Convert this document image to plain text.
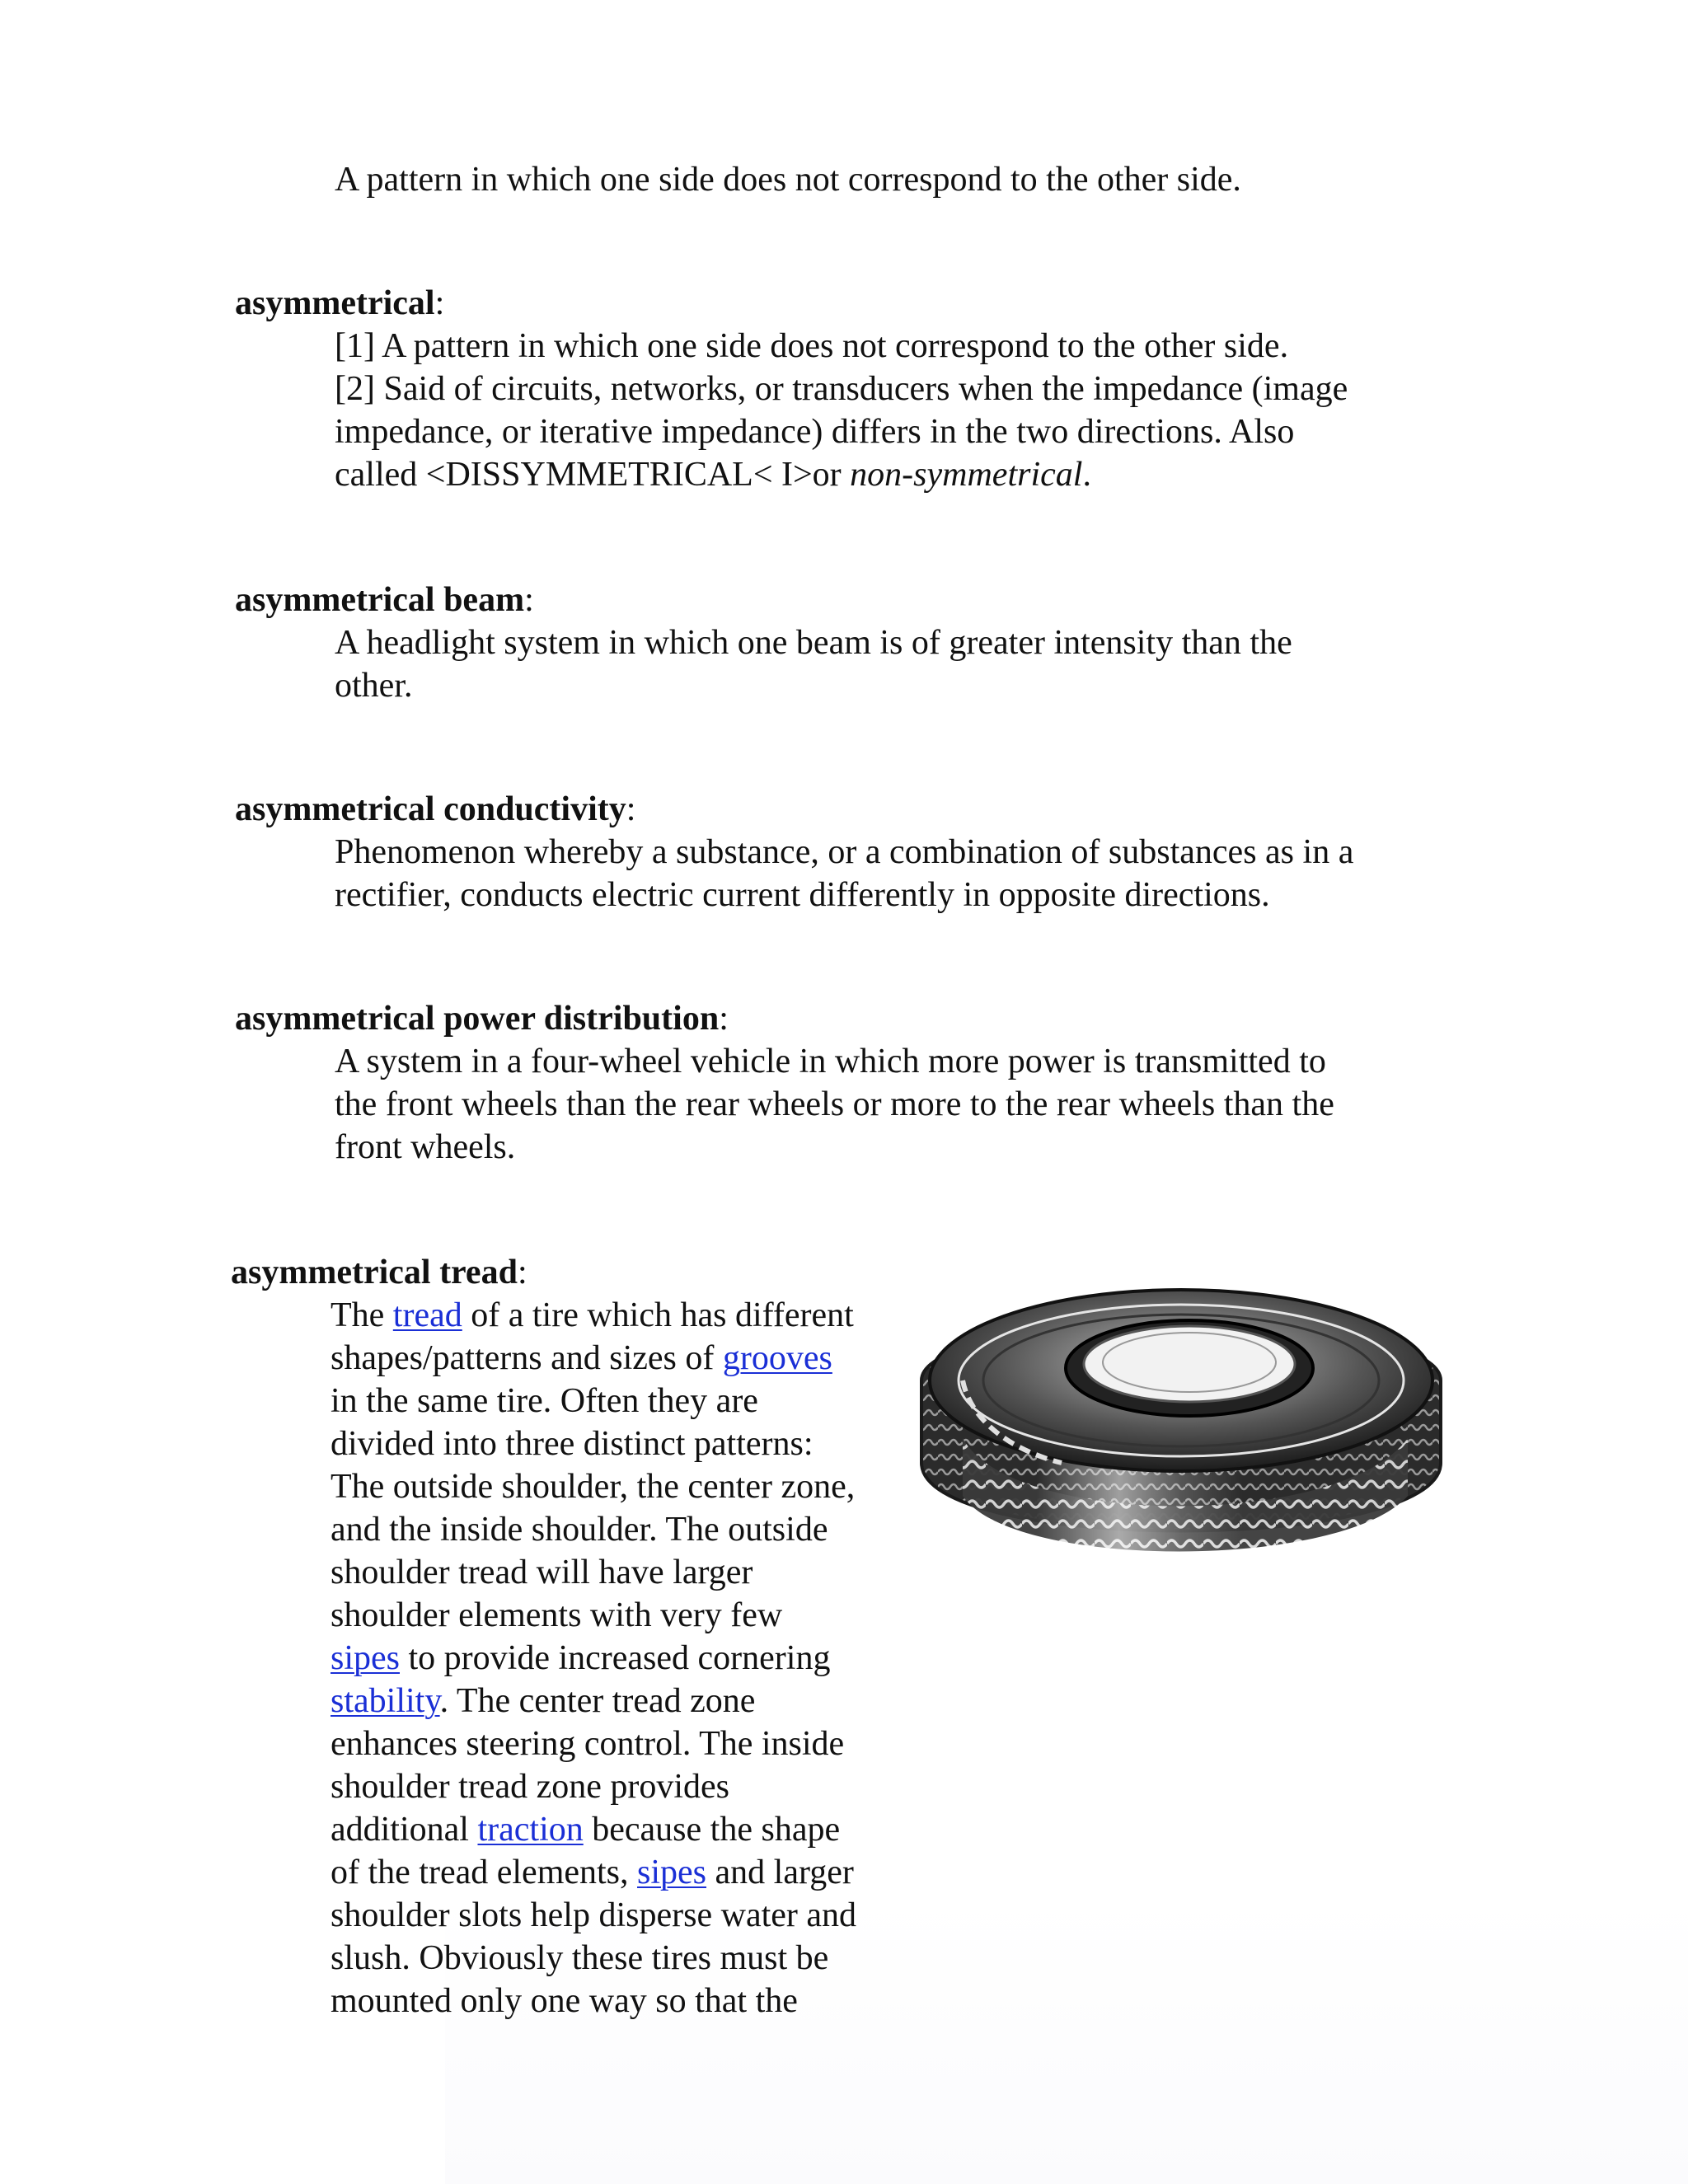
A pattern in which one side does not correspond to the other side.

asymmetrical:

[1] A pattern in which one side does not correspond to the other side.

[2] Said of circuits, networks, or transducers when the impedance (image

impedance, or iterative impedance) differs in the two directions. Also

called <DISSYMMETRICAL< I>or non-symmetrical.

asymmetrical beam:

A headlight system in which one beam is of greater intensity than the

other.

asymmetrical conductivity:

Phenomenon whereby a substance, or a combination of substances as in a

rectifier, conducts electric current differently in opposite directions.

asymmetrical power distribution:

A system in a four-wheel vehicle in which more power is transmitted to

the front wheels than the rear wheels or more to the rear wheels than the

front wheels.

asymmetrical tread:

The tread of a tire which has different

shapes/patterns and sizes of grooves

in the same tire. Often they are

divided into three distinct patterns:

The outside shoulder, the center zone,

and the inside shoulder. The outside

shoulder tread will have larger

shoulder elements with very few

sipes to provide increased cornering

stability. The center tread zone

enhances steering control. The inside

shoulder tread zone provides

additional traction because the shape

of the tread elements, sipes and larger

shoulder slots help disperse water and

slush. Obviously these tires must be

mounted only one way so that the
